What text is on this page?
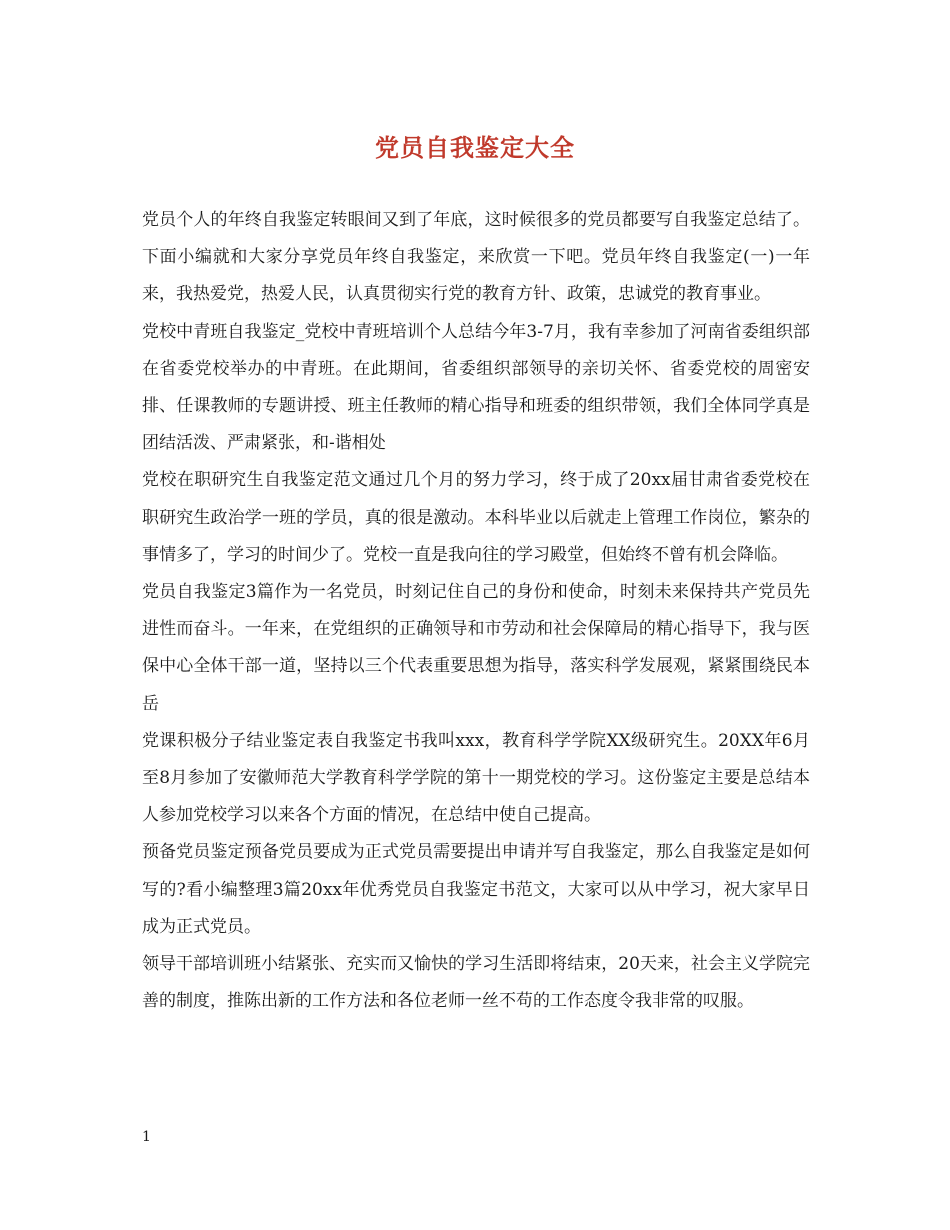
党员自我鉴定大全

党员个人的年终自我鉴定转眼间又到了年底，这时候很多的党员都要写自我鉴定总结了。下面小编就和大家分享党员年终自我鉴定，来欣赏一下吧。党员年终自我鉴定(一)一年来，我热爱党，热爱人民，认真贯彻实行党的教育方针、政策，忠诚党的教育事业。

党校中青班自我鉴定_党校中青班培训个人总结今年3-7月，我有幸参加了河南省委组织部在省委党校举办的中青班。在此期间，省委组织部领导的亲切关怀、省委党校的周密安排、任课教师的专题讲授、班主任教师的精心指导和班委的组织带领，我们全体同学真是团结活泼、严肃紧张，和-谐相处

党校在职研究生自我鉴定范文通过几个月的努力学习，终于成了20xx届甘肃省委党校在职研究生政治学一班的学员，真的很是激动。本科毕业以后就走上管理工作岗位，繁杂的事情多了，学习的时间少了。党校一直是我向往的学习殿堂，但始终不曾有机会降临。

党员自我鉴定3篇作为一名党员，时刻记住自己的身份和使命，时刻未来保持共产党员先进性而奋斗。一年来，在党组织的正确领导和市劳动和社会保障局的精心指导下，我与医保中心全体干部一道，坚持以三个代表重要思想为指导，落实科学发展观，紧紧围绕民本岳

党课积极分子结业鉴定表自我鉴定书我叫xxx，教育科学学院XX级研究生。20XX年6月至8月参加了安徽师范大学教育科学学院的第十一期党校的学习。这份鉴定主要是总结本人参加党校学习以来各个方面的情况，在总结中使自己提高。

预备党员鉴定预备党员要成为正式党员需要提出申请并写自我鉴定，那么自我鉴定是如何写的?看小编整理3篇20xx年优秀党员自我鉴定书范文，大家可以从中学习，祝大家早日成为正式党员。

领导干部培训班小结紧张、充实而又愉快的学习生活即将结束，20天来，社会主义学院完善的制度，推陈出新的工作方法和各位老师一丝不苟的工作态度令我非常的叹服。

1
